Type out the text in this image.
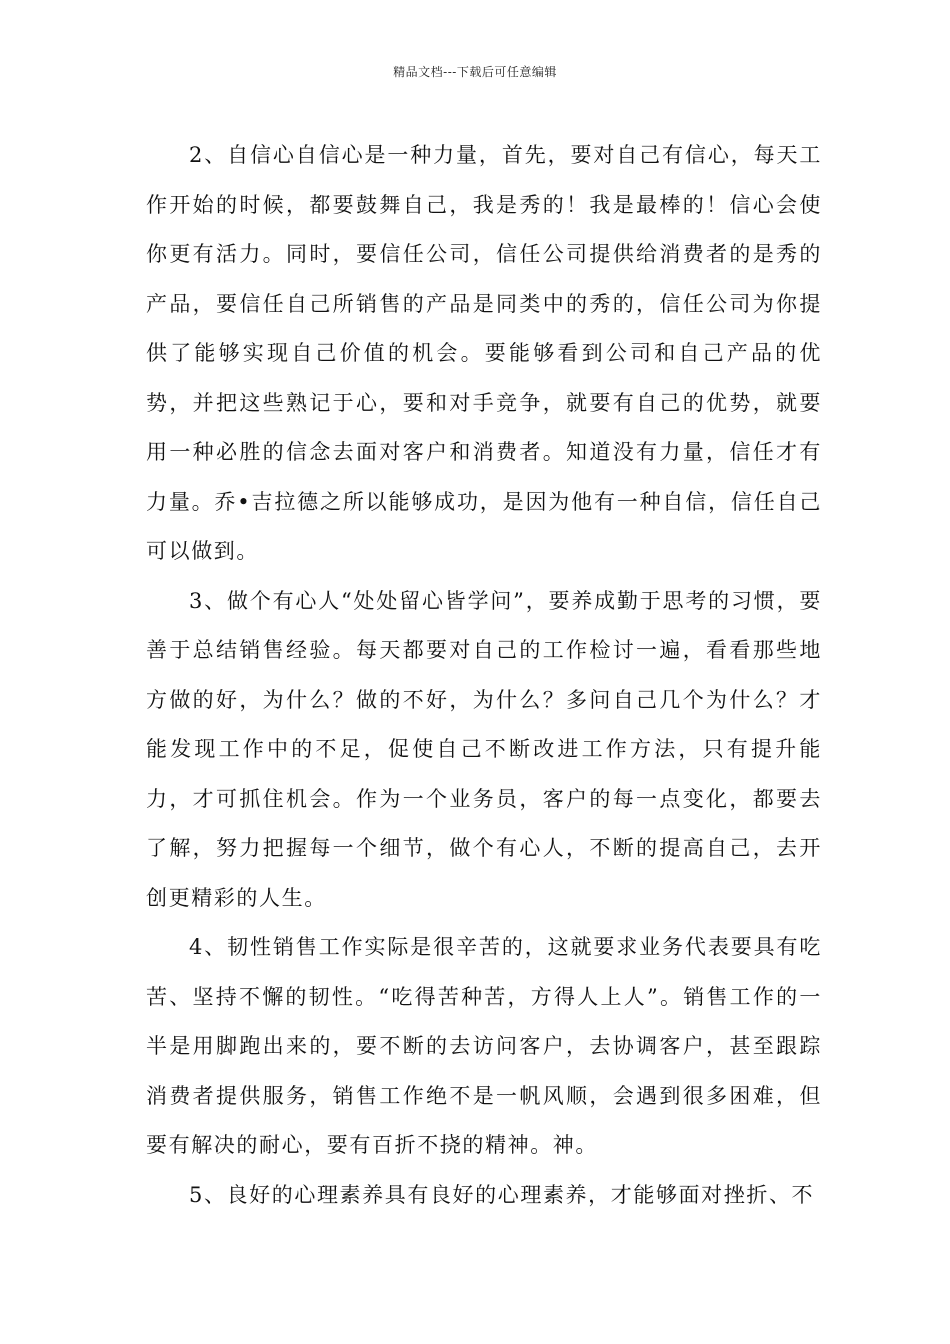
精品文档---下载后可任意编辑

2、自信心自信心是一种力量，首先，要对自己有信心，每天工作开始的时候，都要鼓舞自己，我是秀的！我是最棒的！信心会使你更有活力。同时，要信任公司，信任公司提供给消费者的是秀的产品，要信任自己所销售的产品是同类中的秀的，信任公司为你提供了能够实现自己价值的机会。要能够看到公司和自己产品的优势，并把这些熟记于心，要和对手竞争，就要有自己的优势，就要用一种必胜的信念去面对客户和消费者。知道没有力量，信任才有力量。乔•吉拉德之所以能够成功，是因为他有一种自信，信任自己可以做到。

3、做个有心人“处处留心皆学问”，要养成勤于思考的习惯，要善于总结销售经验。每天都要对自己的工作检讨一遍，看看那些地方做的好，为什么？做的不好，为什么？多问自己几个为什么？才能发现工作中的不足，促使自己不断改进工作方法，只有提升能力，才可抓住机会。作为一个业务员，客户的每一点变化，都要去了解，努力把握每一个细节，做个有心人，不断的提高自己，去开创更精彩的人生。

4、韧性销售工作实际是很辛苦的，这就要求业务代表要具有吃苦、坚持不懈的韧性。“吃得苦种苦，方得人上人”。销售工作的一半是用脚跑出来的，要不断的去访问客户，去协调客户，甚至跟踪消费者提供服务，销售工作绝不是一帆风顺，会遇到很多困难，但要有解决的耐心，要有百折不挠的精神。神。

5、良好的心理素养具有良好的心理素养，才能够面对挫折、不
